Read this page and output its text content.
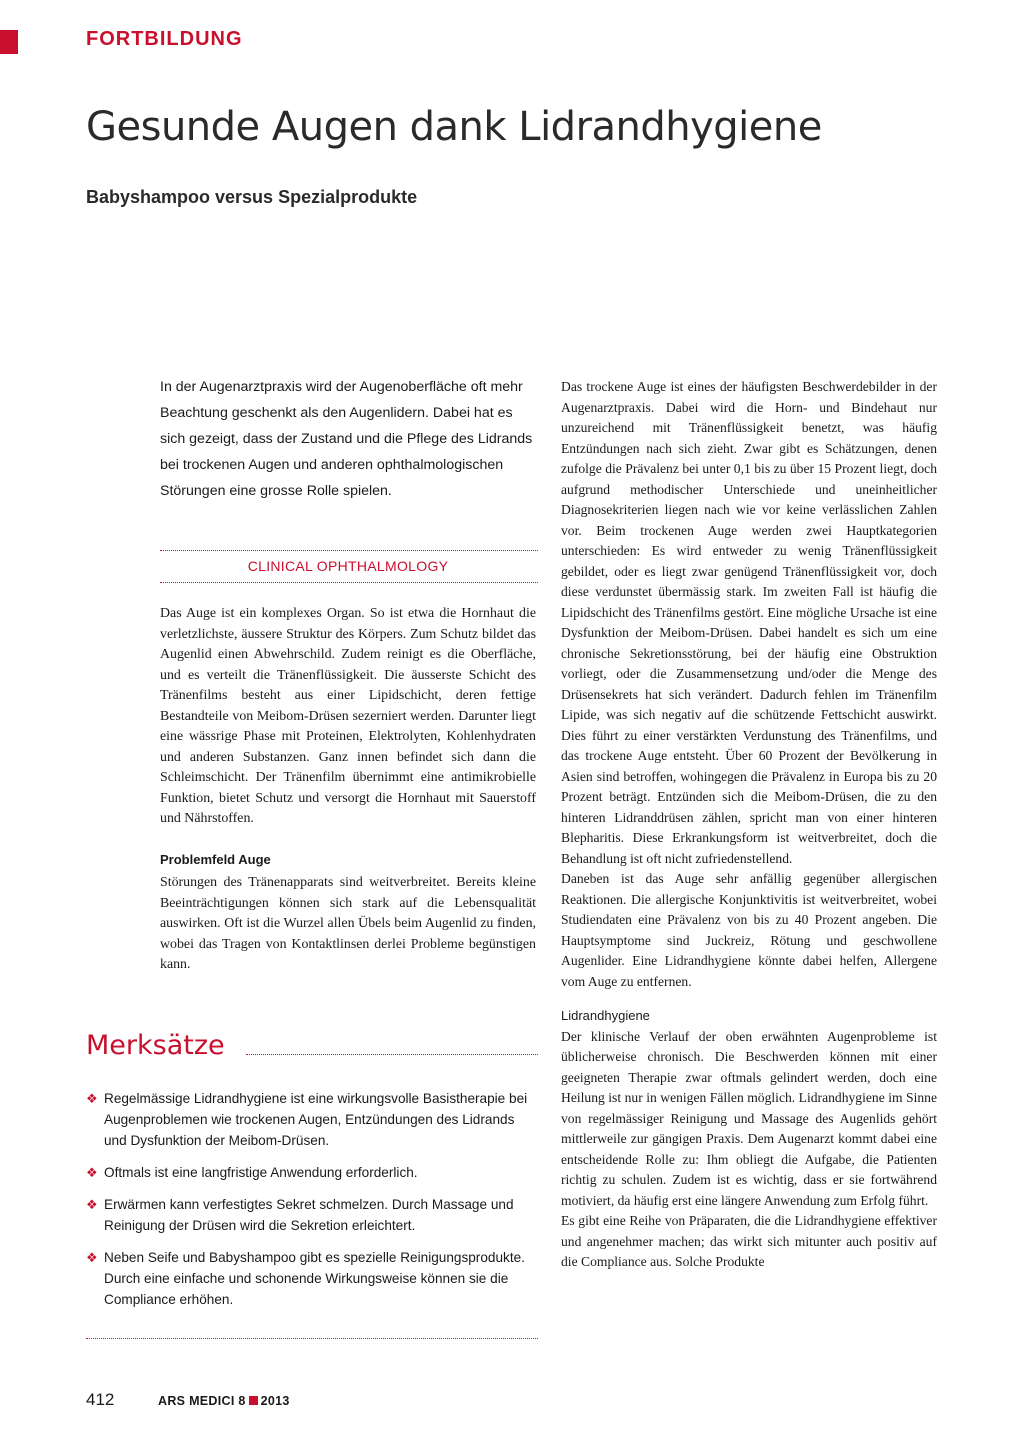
FORTBILDUNG
Gesunde Augen dank Lidrandhygiene
Babyshampoo versus Spezialprodukte

In der Augenarztpraxis wird der Augenoberfläche oft mehr Beachtung geschenkt als den Augenlidern. Dabei hat es sich gezeigt, dass der Zustand und die Pflege des Lidrands bei trockenen Augen und anderen ophthalmologischen Störungen eine grosse Rolle spielen.

CLINICAL OPHTHALMOLOGY

Das Auge ist ein komplexes Organ. So ist etwa die Hornhaut die verletzlichste, äussere Struktur des Körpers. Zum Schutz bildet das Augenlid einen Abwehrschild. Zudem reinigt es die Oberfläche, und es verteilt die Tränenflüssigkeit. Die äusserste Schicht des Tränenfilms besteht aus einer Lipidschicht, deren fettige Bestandteile von Meibom-Drüsen sezerniert werden. Darunter liegt eine wässrige Phase mit Proteinen, Elektrolyten, Kohlenhydraten und anderen Substanzen. Ganz innen befindet sich dann die Schleimschicht. Der Tränenfilm übernimmt eine antimikrobielle Funktion, bietet Schutz und versorgt die Hornhaut mit Sauerstoff und Nährstoffen.

Problemfeld Auge

Störungen des Tränenapparats sind weitverbreitet. Bereits kleine Beeinträchtigungen können sich stark auf die Lebensqualität auswirken. Oft ist die Wurzel allen Übels beim Augenlid zu finden, wobei das Tragen von Kontaktlinsen derlei Probleme begünstigen kann.

Merksätze
❖ Regelmässige Lidrandhygiene ist eine wirkungsvolle Basistherapie bei Augenproblemen wie trockenen Augen, Entzündungen des Lidrands und Dysfunktion der Meibom-Drüsen.
❖ Oftmals ist eine langfristige Anwendung erforderlich.
❖ Erwärmen kann verfestigtes Sekret schmelzen. Durch Massage und Reinigung der Drüsen wird die Sekretion erleichtert.
❖ Neben Seife und Babyshampoo gibt es spezielle Reinigungsprodukte. Durch eine einfache und schonende Wirkungsweise können sie die Compliance erhöhen.

Das trockene Auge ist eines der häufigsten Beschwerdebilder in der Augenarztpraxis. Dabei wird die Horn- und Bindehaut nur unzureichend mit Tränenflüssigkeit benetzt, was häufig Entzündungen nach sich zieht. Zwar gibt es Schätzungen, denen zufolge die Prävalenz bei unter 0,1 bis zu über 15 Prozent liegt, doch aufgrund methodischer Unterschiede und uneinheitlicher Diagnosekriterien liegen nach wie vor keine verlässlichen Zahlen vor. Beim trockenen Auge werden zwei Hauptkategorien unterschieden: Es wird entweder zu wenig Tränenflüssigkeit gebildet, oder es liegt zwar genügend Tränenflüssigkeit vor, doch diese verdunstet übermässig stark. Im zweiten Fall ist häufig die Lipidschicht des Tränenfilms gestört. Eine mögliche Ursache ist eine Dysfunktion der Meibom-Drüsen. Dabei handelt es sich um eine chronische Sekretionsstörung, bei der häufig eine Obstruktion vorliegt, oder die Zusammensetzung und/oder die Menge des Drüsensekrets hat sich verändert. Dadurch fehlen im Tränenfilm Lipide, was sich negativ auf die schützende Fettschicht auswirkt. Dies führt zu einer verstärkten Verdunstung des Tränenfilms, und das trockene Auge entsteht. Über 60 Prozent der Bevölkerung in Asien sind betroffen, wohingegen die Prävalenz in Europa bis zu 20 Prozent beträgt. Entzünden sich die Meibom-Drüsen, die zu den hinteren Lidranddrüsen zählen, spricht man von einer hinteren Blepharitis. Diese Erkrankungsform ist weitverbreitet, doch die Behandlung ist oft nicht zufriedenstellend.

Daneben ist das Auge sehr anfällig gegenüber allergischen Reaktionen. Die allergische Konjunktivitis ist weitverbreitet, wobei Studiendaten eine Prävalenz von bis zu 40 Prozent angeben. Die Hauptsymptome sind Juckreiz, Rötung und geschwollene Augenlider. Eine Lidrandhygiene könnte dabei helfen, Allergene vom Auge zu entfernen.

Lidrandhygiene

Der klinische Verlauf der oben erwähnten Augenprobleme ist üblicherweise chronisch. Die Beschwerden können mit einer geeigneten Therapie zwar oftmals gelindert werden, doch eine Heilung ist nur in wenigen Fällen möglich. Lidrandhygiene im Sinne von regelmässiger Reinigung und Massage des Augenlids gehört mittlerweile zur gängigen Praxis. Dem Augenarzt kommt dabei eine entscheidende Rolle zu: Ihm obliegt die Aufgabe, die Patienten richtig zu schulen. Zudem ist es wichtig, dass er sie fortwährend motiviert, da häufig erst eine längere Anwendung zum Erfolg führt.

Es gibt eine Reihe von Präparaten, die die Lidrandhygiene effektiver und angenehmer machen; das wirkt sich mitunter auch positiv auf die Compliance aus. Solche Produkte

412	ARS MEDICI 8 2013
